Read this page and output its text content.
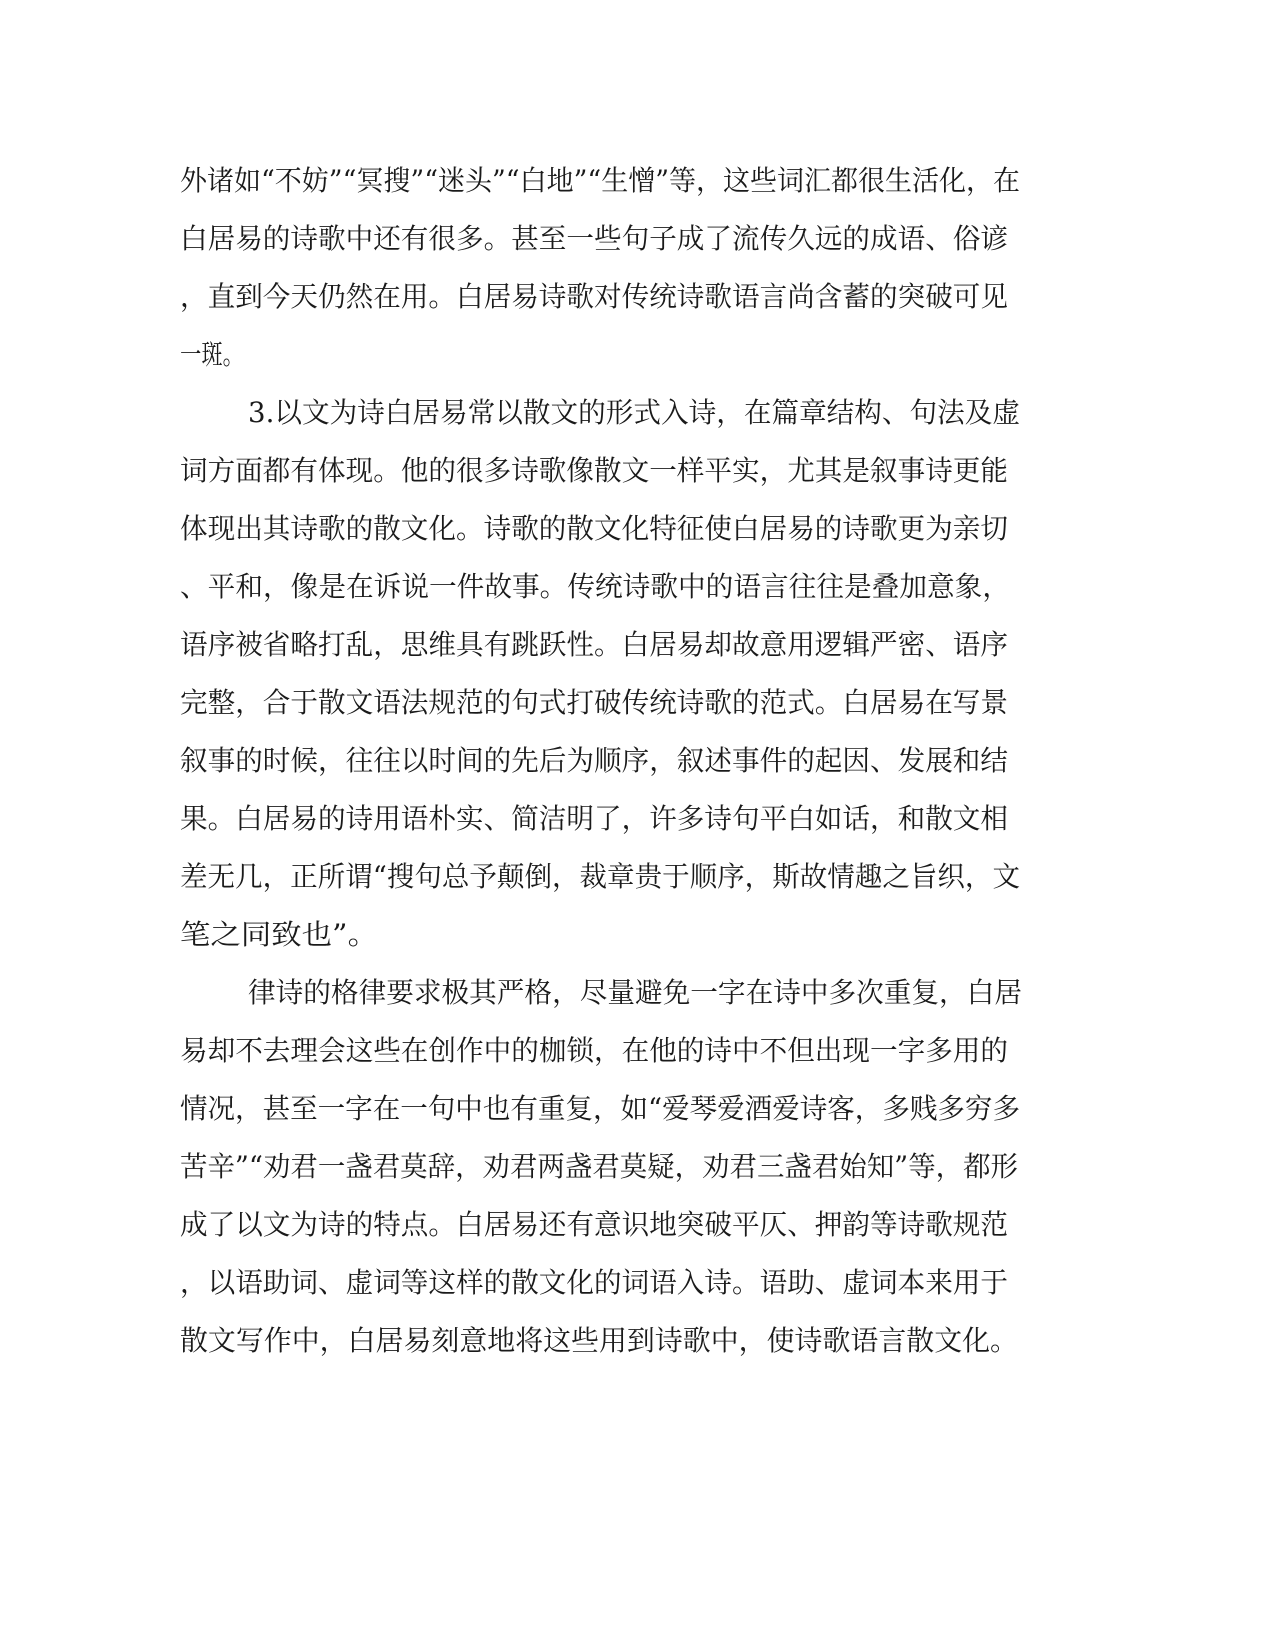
外诸如“不妨”“冥搜”“迷头”“白地”“生憎”等，这些词汇都很生活化，在
白居易的诗歌中还有很多。甚至一些句子成了流传久远的成语、俗谚
，直到今天仍然在用。白居易诗歌对传统诗歌语言尚含蓄的突破可见
一斑。
3.以文为诗白居易常以散文的形式入诗，在篇章结构、句法及虚
词方面都有体现。他的很多诗歌像散文一样平实，尤其是叙事诗更能
体现出其诗歌的散文化。诗歌的散文化特征使白居易的诗歌更为亲切
、平和，像是在诉说一件故事。传统诗歌中的语言往往是叠加意象，
语序被省略打乱，思维具有跳跃性。白居易却故意用逻辑严密、语序
完整，合于散文语法规范的句式打破传统诗歌的范式。白居易在写景
叙事的时候，往往以时间的先后为顺序，叙述事件的起因、发展和结
果。白居易的诗用语朴实、简洁明了，许多诗句平白如话，和散文相
差无几，正所谓“搜句总予颠倒，裁章贵于顺序，斯故情趣之旨织，文
笔之同致也”。
律诗的格律要求极其严格，尽量避免一字在诗中多次重复，白居
易却不去理会这些在创作中的枷锁，在他的诗中不但出现一字多用的
情况，甚至一字在一句中也有重复，如“爱琴爱酒爱诗客，多贱多穷多
苦辛”“劝君一盏君莫辞，劝君两盏君莫疑，劝君三盏君始知”等，都形
成了以文为诗的特点。白居易还有意识地突破平仄、押韵等诗歌规范
，以语助词、虚词等这样的散文化的词语入诗。语助、虚词本来用于
散文写作中，白居易刻意地将这些用到诗歌中，使诗歌语言散文化。
